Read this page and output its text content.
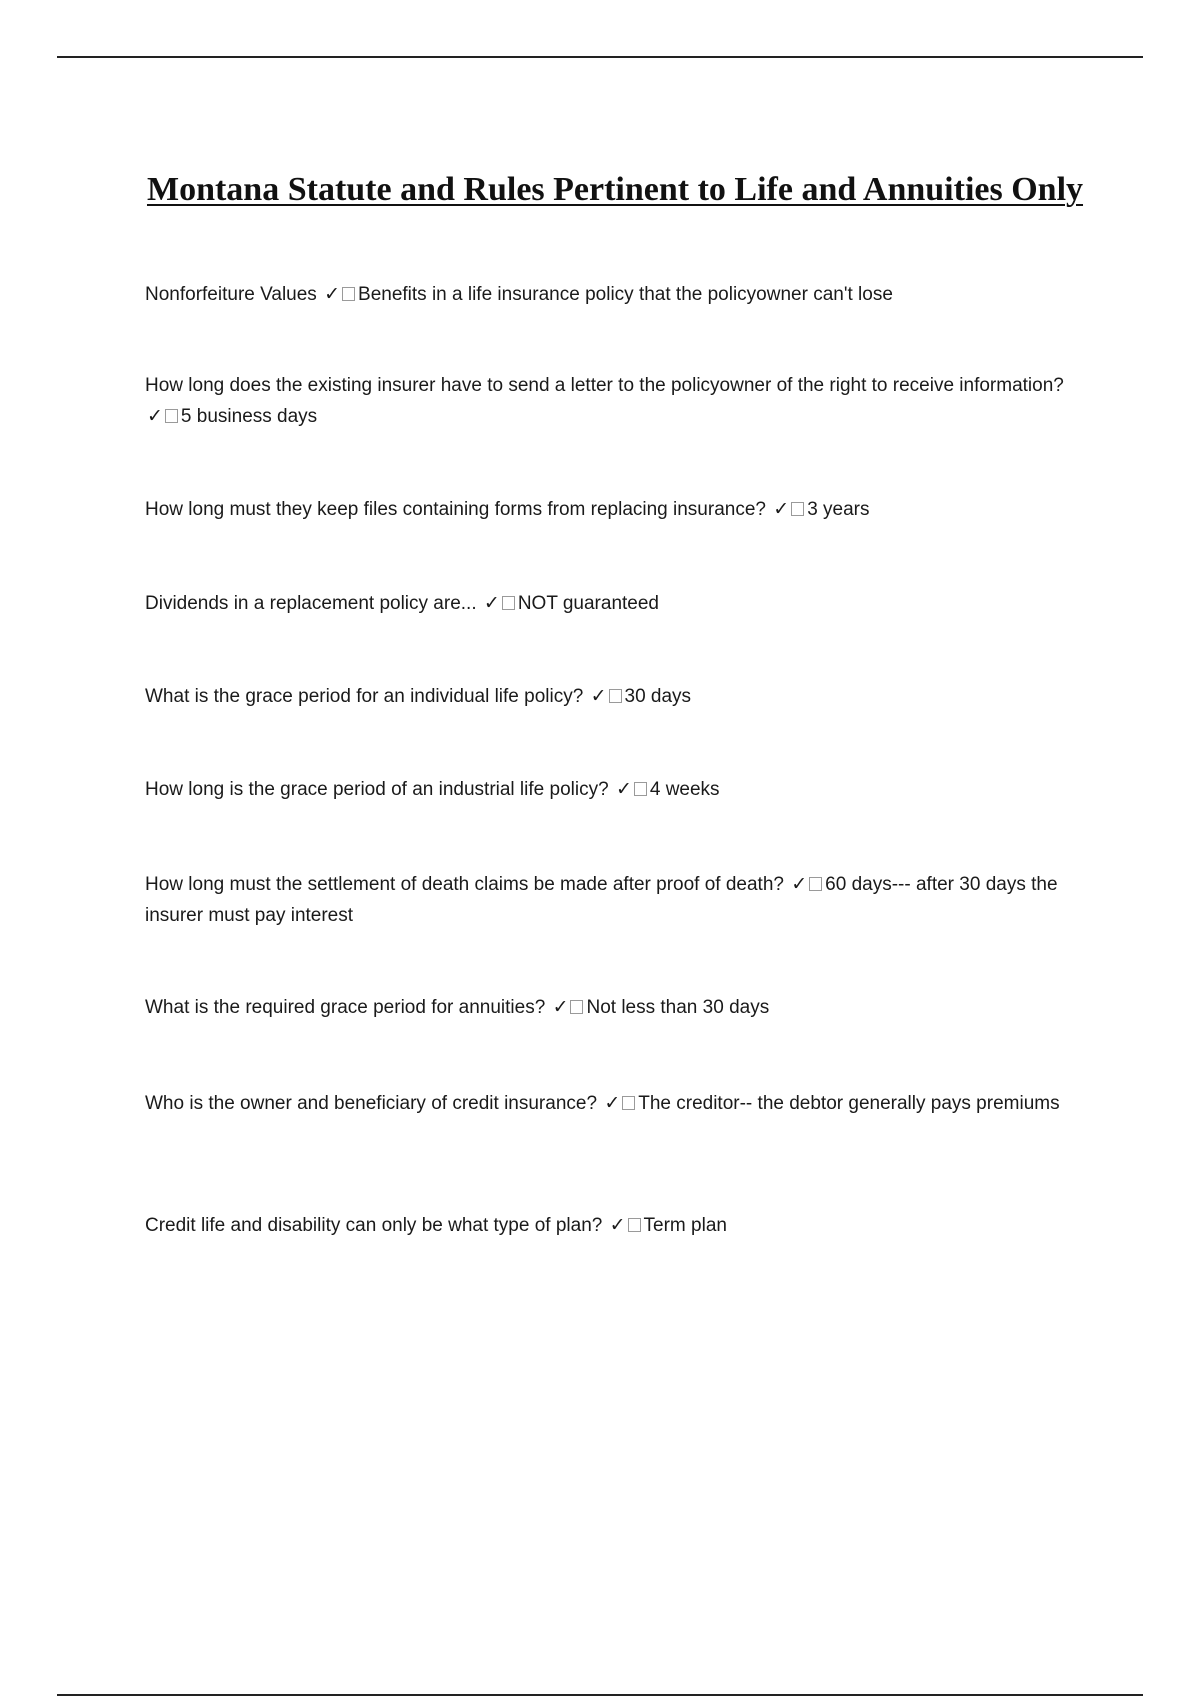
Montana Statute and Rules Pertinent to Life and Annuities Only

Nonforfeiture Values ✓ Benefits in a life insurance policy that the policyowner can't lose

How long does the existing insurer have to send a letter to the policyowner of the right to receive information? ✓ 5 business days

How long must they keep files containing forms from replacing insurance? ✓ 3 years

Dividends in a replacement policy are... ✓ NOT guaranteed

What is the grace period for an individual life policy? ✓ 30 days

How long is the grace period of an industrial life policy? ✓ 4 weeks

How long must the settlement of death claims be made after proof of death? ✓ 60 days--- after 30 days the insurer must pay interest

What is the required grace period for annuities? ✓ Not less than 30 days

Who is the owner and beneficiary of credit insurance? ✓ The creditor-- the debtor generally pays premiums

Credit life and disability can only be what type of plan? ✓ Term plan
